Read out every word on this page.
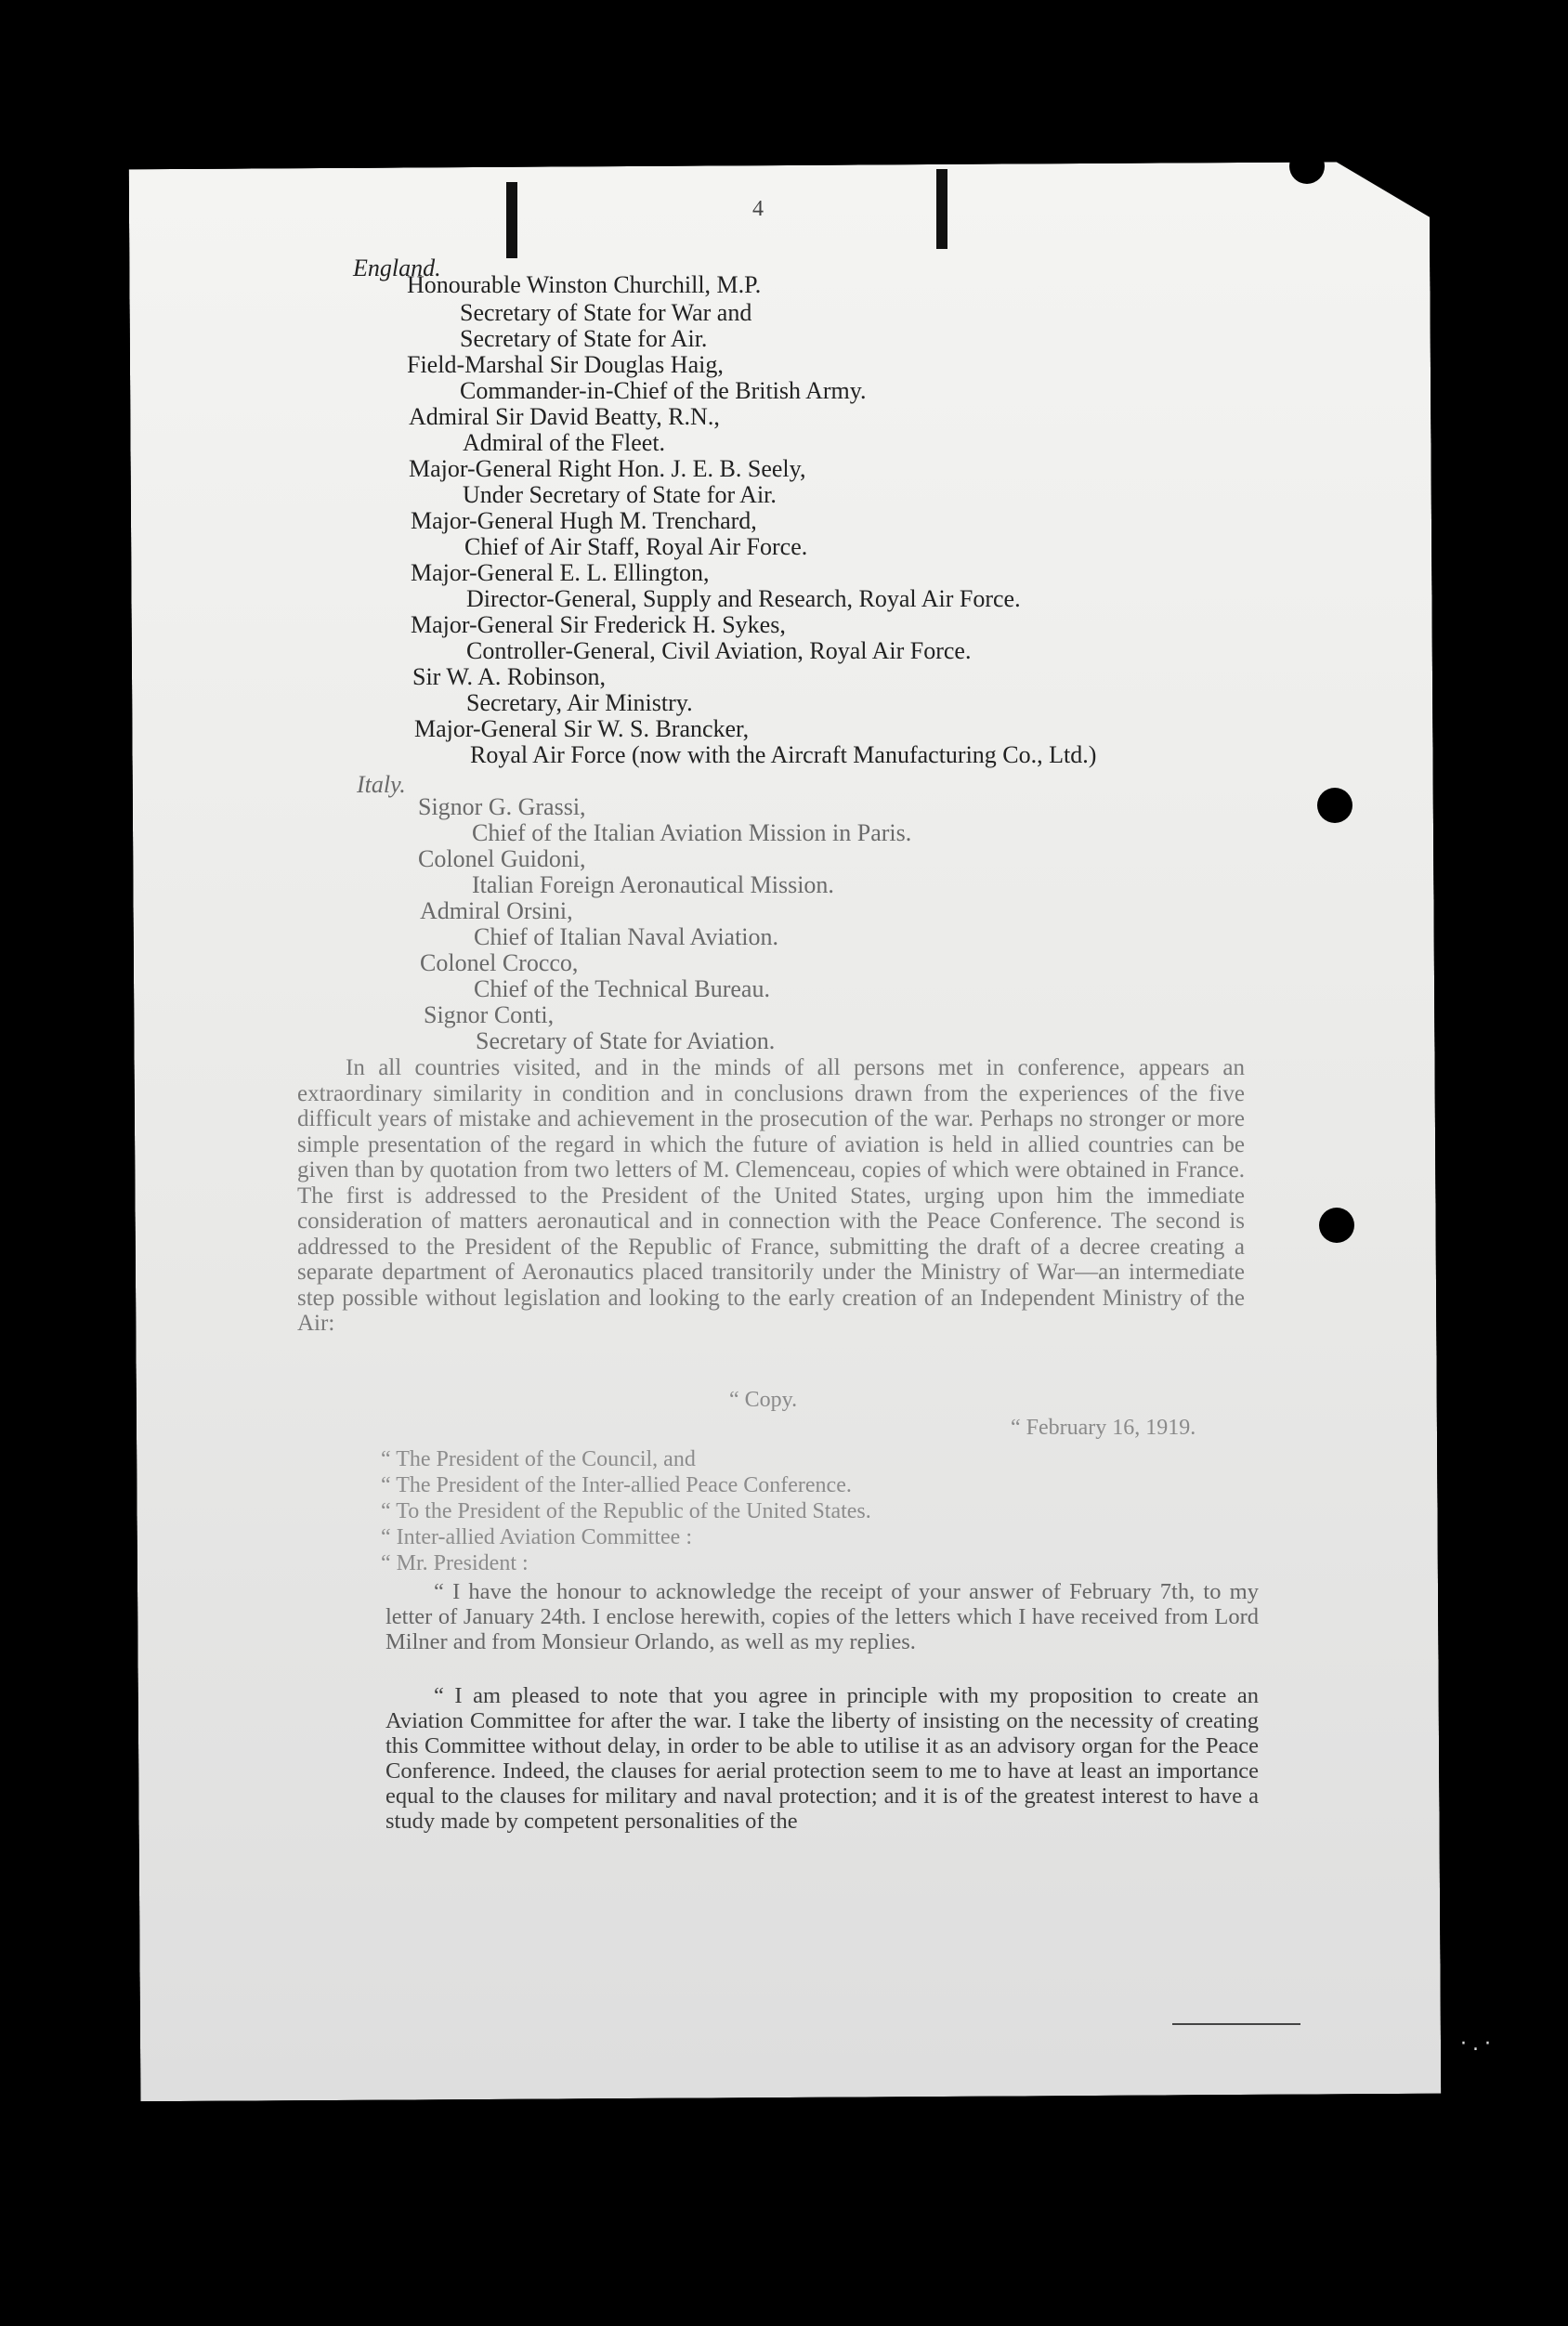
4
England.
Honourable Winston Churchill, M.P.
Secretary of State for War and
Secretary of State for Air.
Field-Marshal Sir Douglas Haig,
Commander-in-Chief of the British Army.
Admiral Sir David Beatty, R.N.,
Admiral of the Fleet.
Major-General Right Hon. J. E. B. Seely,
Under Secretary of State for Air.
Major-General Hugh M. Trenchard,
Chief of Air Staff, Royal Air Force.
Major-General E. L. Ellington,
Director-General, Supply and Research, Royal Air Force.
Major-General Sir Frederick H. Sykes,
Controller-General, Civil Aviation, Royal Air Force.
Sir W. A. Robinson,
Secretary, Air Ministry.
Major-General Sir W. S. Brancker,
Royal Air Force (now with the Aircraft Manufacturing Co., Ltd.)
Italy.
Signor G. Grassi,
Chief of the Italian Aviation Mission in Paris.
Colonel Guidoni,
Italian Foreign Aeronautical Mission.
Admiral Orsini,
Chief of Italian Naval Aviation.
Colonel Crocco,
Chief of the Technical Bureau.
Signor Conti,
Secretary of State for Aviation.
In all countries visited, and in the minds of all persons met in conference, appears an extraordinary similarity in condition and in conclusions drawn from the experiences of the five difficult years of mistake and achievement in the prosecution of the war. Perhaps no stronger or more simple presentation of the regard in which the future of aviation is held in allied countries can be given than by quotation from two letters of M. Clemenceau, copies of which were obtained in France. The first is addressed to the President of the United States, urging upon him the immediate consideration of matters aeronautical and in connection with the Peace Conference. The second is addressed to the President of the Republic of France, submitting the draft of a decree creating a separate department of Aeronautics placed transitorily under the Ministry of War—an intermediate step possible without legislation and looking to the early creation of an Independent Ministry of the Air:
“ Copy.
“ February 16, 1919.
“ The President of the Council, and
“ The President of the Inter-allied Peace Conference.
“ To the President of the Republic of the United States.
“ Inter-allied Aviation Committee :
“ Mr. President :
“ I have the honour to acknowledge the receipt of your answer of February 7th, to my letter of January 24th. I enclose herewith, copies of the letters which I have received from Lord Milner and from Monsieur Orlando, as well as my replies.
“ I am pleased to note that you agree in principle with my proposition to create an Aviation Committee for after the war. I take the liberty of insisting on the necessity of creating this Committee without delay, in order to be able to utilise it as an advisory organ for the Peace Conference. Indeed, the clauses for aerial protection seem to me to have at least an importance equal to the clauses for military and naval protection; and it is of the greatest interest to have a study made by competent personalities of the
·.·
